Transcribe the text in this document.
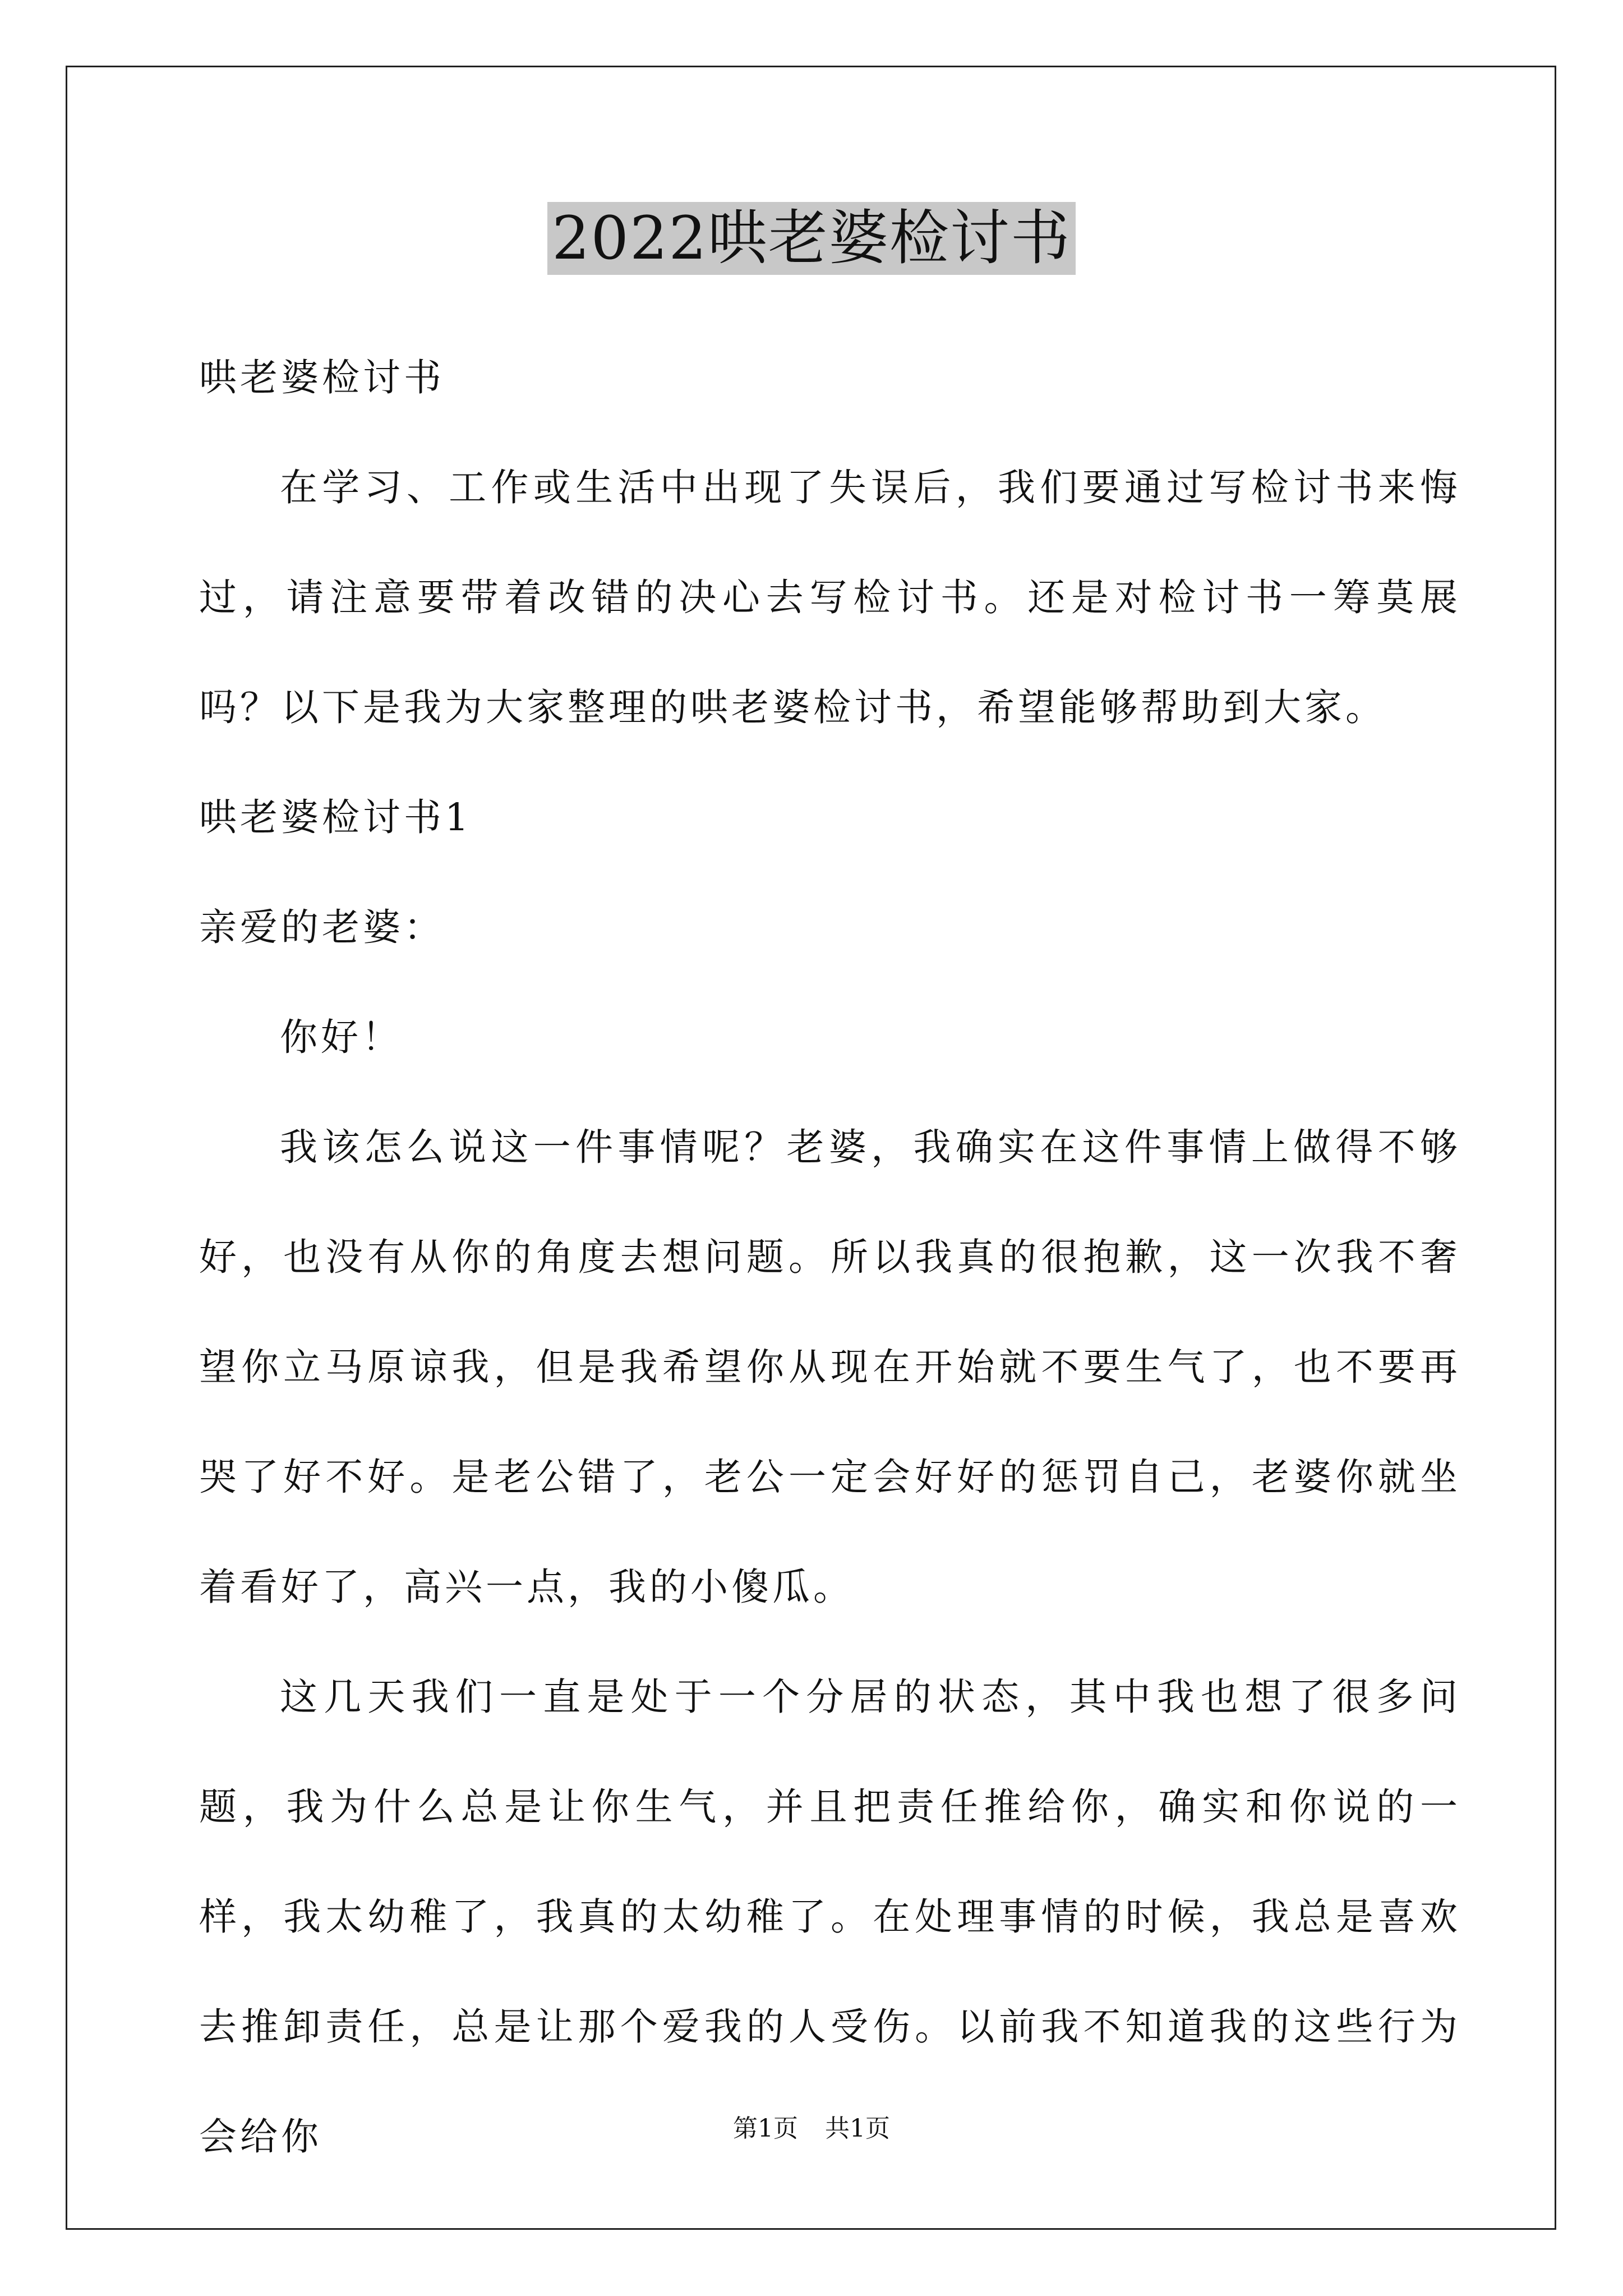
2022哄老婆检讨书

哄老婆检讨书

在学习、工作或生活中出现了失误后，我们要通过写检讨书来悔过，请注意要带着改错的决心去写检讨书。还是对检讨书一筹莫展吗？以下是我为大家整理的哄老婆检讨书，希望能够帮助到大家。

哄老婆检讨书1

亲爱的老婆：

你好！

我该怎么说这一件事情呢？老婆，我确实在这件事情上做得不够好，也没有从你的角度去想问题。所以我真的很抱歉，这一次我不奢望你立马原谅我，但是我希望你从现在开始就不要生气了，也不要再哭了好不好。是老公错了，老公一定会好好的惩罚自己，老婆你就坐着看好了，高兴一点，我的小傻瓜。

这几天我们一直是处于一个分居的状态，其中我也想了很多问题，我为什么总是让你生气，并且把责任推给你，确实和你说的一样，我太幼稚了，我真的太幼稚了。在处理事情的时候，我总是喜欢去推卸责任，总是让那个爱我的人受伤。以前我不知道我的这些行为会给你	第1页 共1页
